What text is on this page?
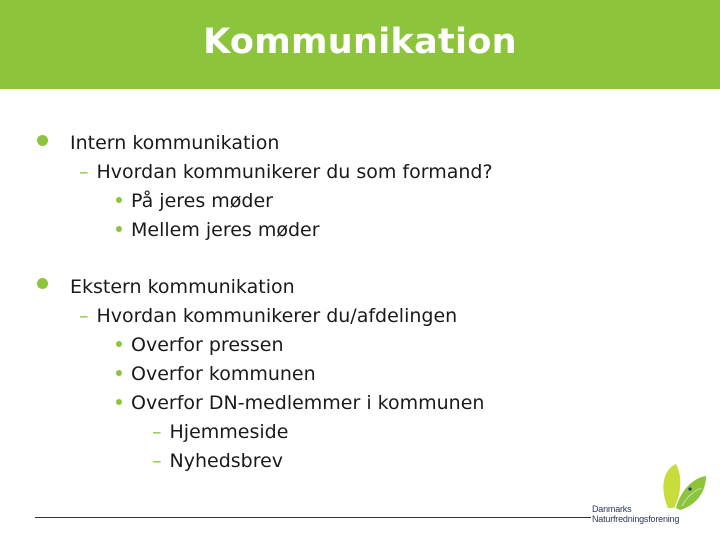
Kommunikation
Intern kommunikation
– Hvordan kommunikerer du som formand?
På jeres møder
Mellem jeres møder
Ekstern kommunikation
– Hvordan kommunikerer du/afdelingen
Overfor pressen
Overfor kommunen
Overfor DN-medlemmer i kommunen
– Hjemmeside
– Nyhedsbrev
Danmarks
Naturfredningsforening
